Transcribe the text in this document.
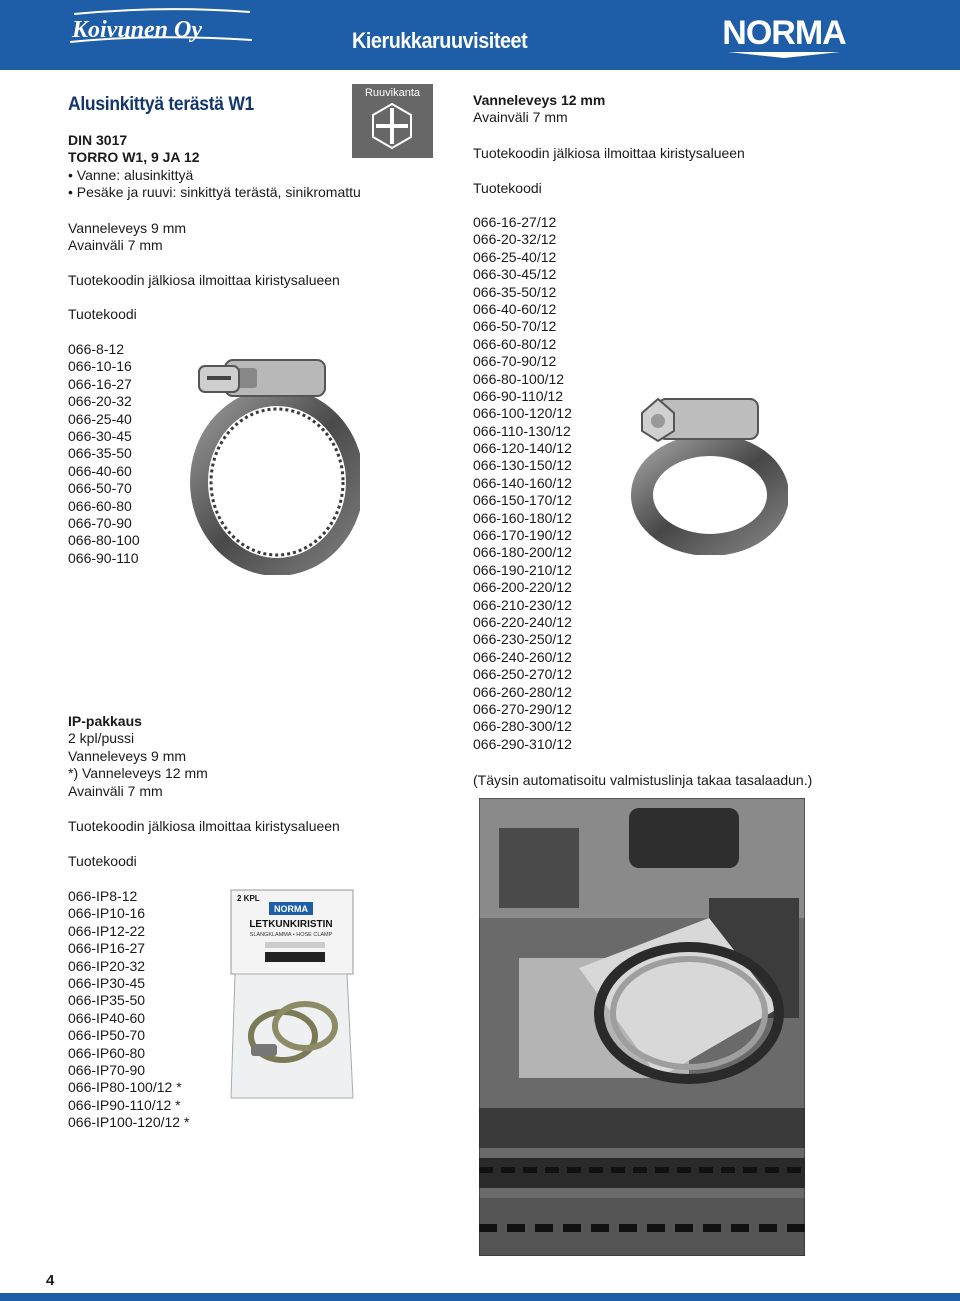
Koivunen Oy	Kierukkaruuvisiteet	NORMA
Alusinkittyä terästä W1
Ruuvikanta
DIN 3017
TORRO W1, 9 JA 12
• Vanne: alusinkittyä
• Pesäke ja ruuvi: sinkittyä terästä, sinikromattu
Vanneleveys 9 mm
Avainväli 7 mm
Tuotekoodin jälkiosa ilmoittaa kiristysalueen
Tuotekoodi
066-8-12
066-10-16
066-16-27
066-20-32
066-25-40
066-30-45
066-35-50
066-40-60
066-50-70
066-60-80
066-70-90
066-80-100
066-90-110
IP-pakkaus
2 kpl/pussi
Vanneleveys 9 mm
*) Vanneleveys 12 mm
Avainväli 7 mm
Tuotekoodin jälkiosa ilmoittaa kiristysalueen
Tuotekoodi
066-IP8-12
066-IP10-16
066-IP12-22
066-IP16-27
066-IP20-32
066-IP30-45
066-IP35-50
066-IP40-60
066-IP50-70
066-IP60-80
066-IP70-90
066-IP80-100/12 *
066-IP90-110/12 *
066-IP100-120/12 *
2 KPL
NORMA
LETKUNKIRISTIN
SLANGKLAMMA • HOSE CLAMP
Vanneleveys 12 mm
Avainväli 7 mm
Tuotekoodin jälkiosa ilmoittaa kiristysalueen
Tuotekoodi
066-16-27/12
066-20-32/12
066-25-40/12
066-30-45/12
066-35-50/12
066-40-60/12
066-50-70/12
066-60-80/12
066-70-90/12
066-80-100/12
066-90-110/12
066-100-120/12
066-110-130/12
066-120-140/12
066-130-150/12
066-140-160/12
066-150-170/12
066-160-180/12
066-170-190/12
066-180-200/12
066-190-210/12
066-200-220/12
066-210-230/12
066-220-240/12
066-230-250/12
066-240-260/12
066-250-270/12
066-260-280/12
066-270-290/12
066-280-300/12
066-290-310/12
(Täysin automatisoitu valmistuslinja takaa tasalaadun.)
4
